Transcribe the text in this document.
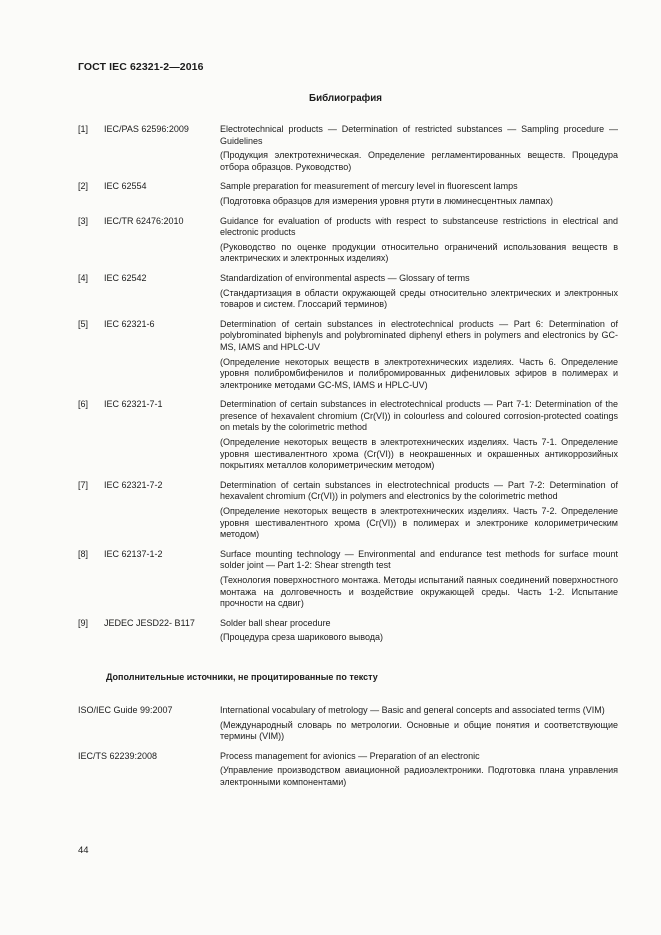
ГОСТ IEC 62321-2—2016
Библиография
[1]	IEC/PAS 62596:2009	Electrotechnical products — Determination of restricted substances — Sampling procedure — Guidelines
(Продукция электротехническая. Определение регламентированных веществ. Процедура отбора образцов. Руководство)
[2]	IEC 62554	Sample preparation for measurement of mercury level in fluorescent lamps
(Подготовка образцов для измерения уровня ртути в люминесцентных лампах)
[3]	IEC/TR 62476:2010	Guidance for evaluation of products with respect to substanceuse restrictions in electrical and electronic products
(Руководство по оценке продукции относительно ограничений использования веществ в электрических и электронных изделиях)
[4]	IEC 62542	Standardization of environmental aspects — Glossary of terms
(Стандартизация в области окружающей среды относительно электрических и электронных товаров и систем. Глоссарий терминов)
[5]	IEC 62321-6	Determination of certain substances in electrotechnical products — Part 6: Determination of polybrominated biphenyls and polybrominated diphenyl ethers in polymers and electronics by GC-MS, IAMS and HPLC-UV
(Определение некоторых веществ в электротехнических изделиях. Часть 6. Определение уровня полибромбифенилов и полибромированных дифениловых эфиров в полимерах и электронике методами GC-MS, IAMS и HPLC-UV)
[6]	IEC 62321-7-1	Determination of certain substances in electrotechnical products — Part 7-1: Determination of the presence of hexavalent chromium (Cr(VI)) in colourless and coloured corrosion-protected coatings on metals by the colorimetric method
(Определение некоторых веществ в электротехнических изделиях. Часть 7-1. Определение уровня шестивалентного хрома (Cr(VI)) в неокрашенных и окрашенных антикоррозийных покрытиях металлов колориметрическим методом)
[7]	IEC 62321-7-2	Determination of certain substances in electrotechnical products — Part 7-2: Determination of hexavalent chromium (Cr(VI)) in polymers and electronics by the colorimetric method
(Определение некоторых веществ в электротехнических изделиях. Часть 7-2. Определение уровня шестивалентного хрома (Cr(VI)) в полимерах и электронике колориметрическим методом)
[8]	IEC 62137-1-2	Surface mounting technology — Environmental and endurance test methods for surface mount solder joint — Part 1-2: Shear strength test
(Технология поверхностного монтажа. Методы испытаний паяных соединений поверхностного монтажа на долговечность и воздействие окружающей среды. Часть 1-2. Испытание прочности на сдвиг)
[9]	JEDEC JESD22- B117	Solder ball shear procedure
(Процедура среза шарикового вывода)
Дополнительные источники, не процитированные по тексту
ISO/IEC Guide 99:2007	International vocabulary of metrology — Basic and general concepts and associated terms (VIM)
(Международный словарь по метрологии. Основные и общие понятия и соответствующие термины (VIM))
IEC/TS 62239:2008	Process management for avionics — Preparation of an electronic
(Управление производством авиационной радиоэлектроники. Подготовка плана управления электронными компонентами)
44
